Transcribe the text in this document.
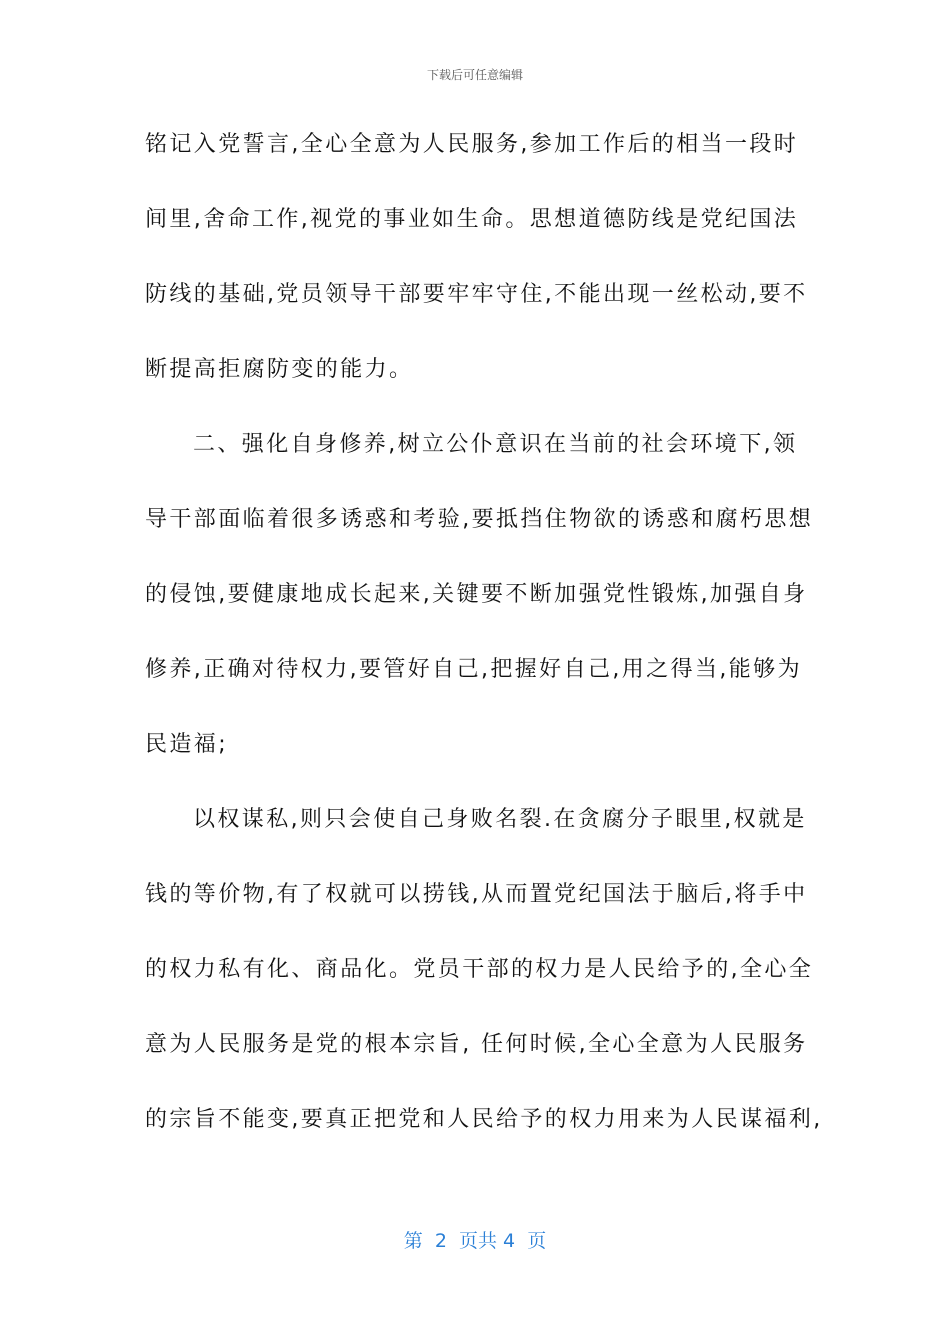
下载后可任意编辑
铭记入党誓言,全心全意为人民服务,参加工作后的相当一段时
间里,舍命工作,视党的事业如生命。思想道德防线是党纪国法
防线的基础,党员领导干部要牢牢守住,不能出现一丝松动,要不
断提高拒腐防变的能力。
二、强化自身修养,树立公仆意识在当前的社会环境下,领
导干部面临着很多诱惑和考验,要抵挡住物欲的诱惑和腐朽思想
的侵蚀,要健康地成长起来,关键要不断加强党性锻炼,加强自身
修养,正确对待权力,要管好自己,把握好自己,用之得当,能够为
民造福;
以权谋私,则只会使自己身败名裂.在贪腐分子眼里,权就是
钱的等价物,有了权就可以捞钱,从而置党纪国法于脑后,将手中
的权力私有化、商品化。党员干部的权力是人民给予的,全心全
意为人民服务是党的根本宗旨, 任何时候,全心全意为人民服务
的宗旨不能变,要真正把党和人民给予的权力用来为人民谋福利,
第  2  页共 4  页
